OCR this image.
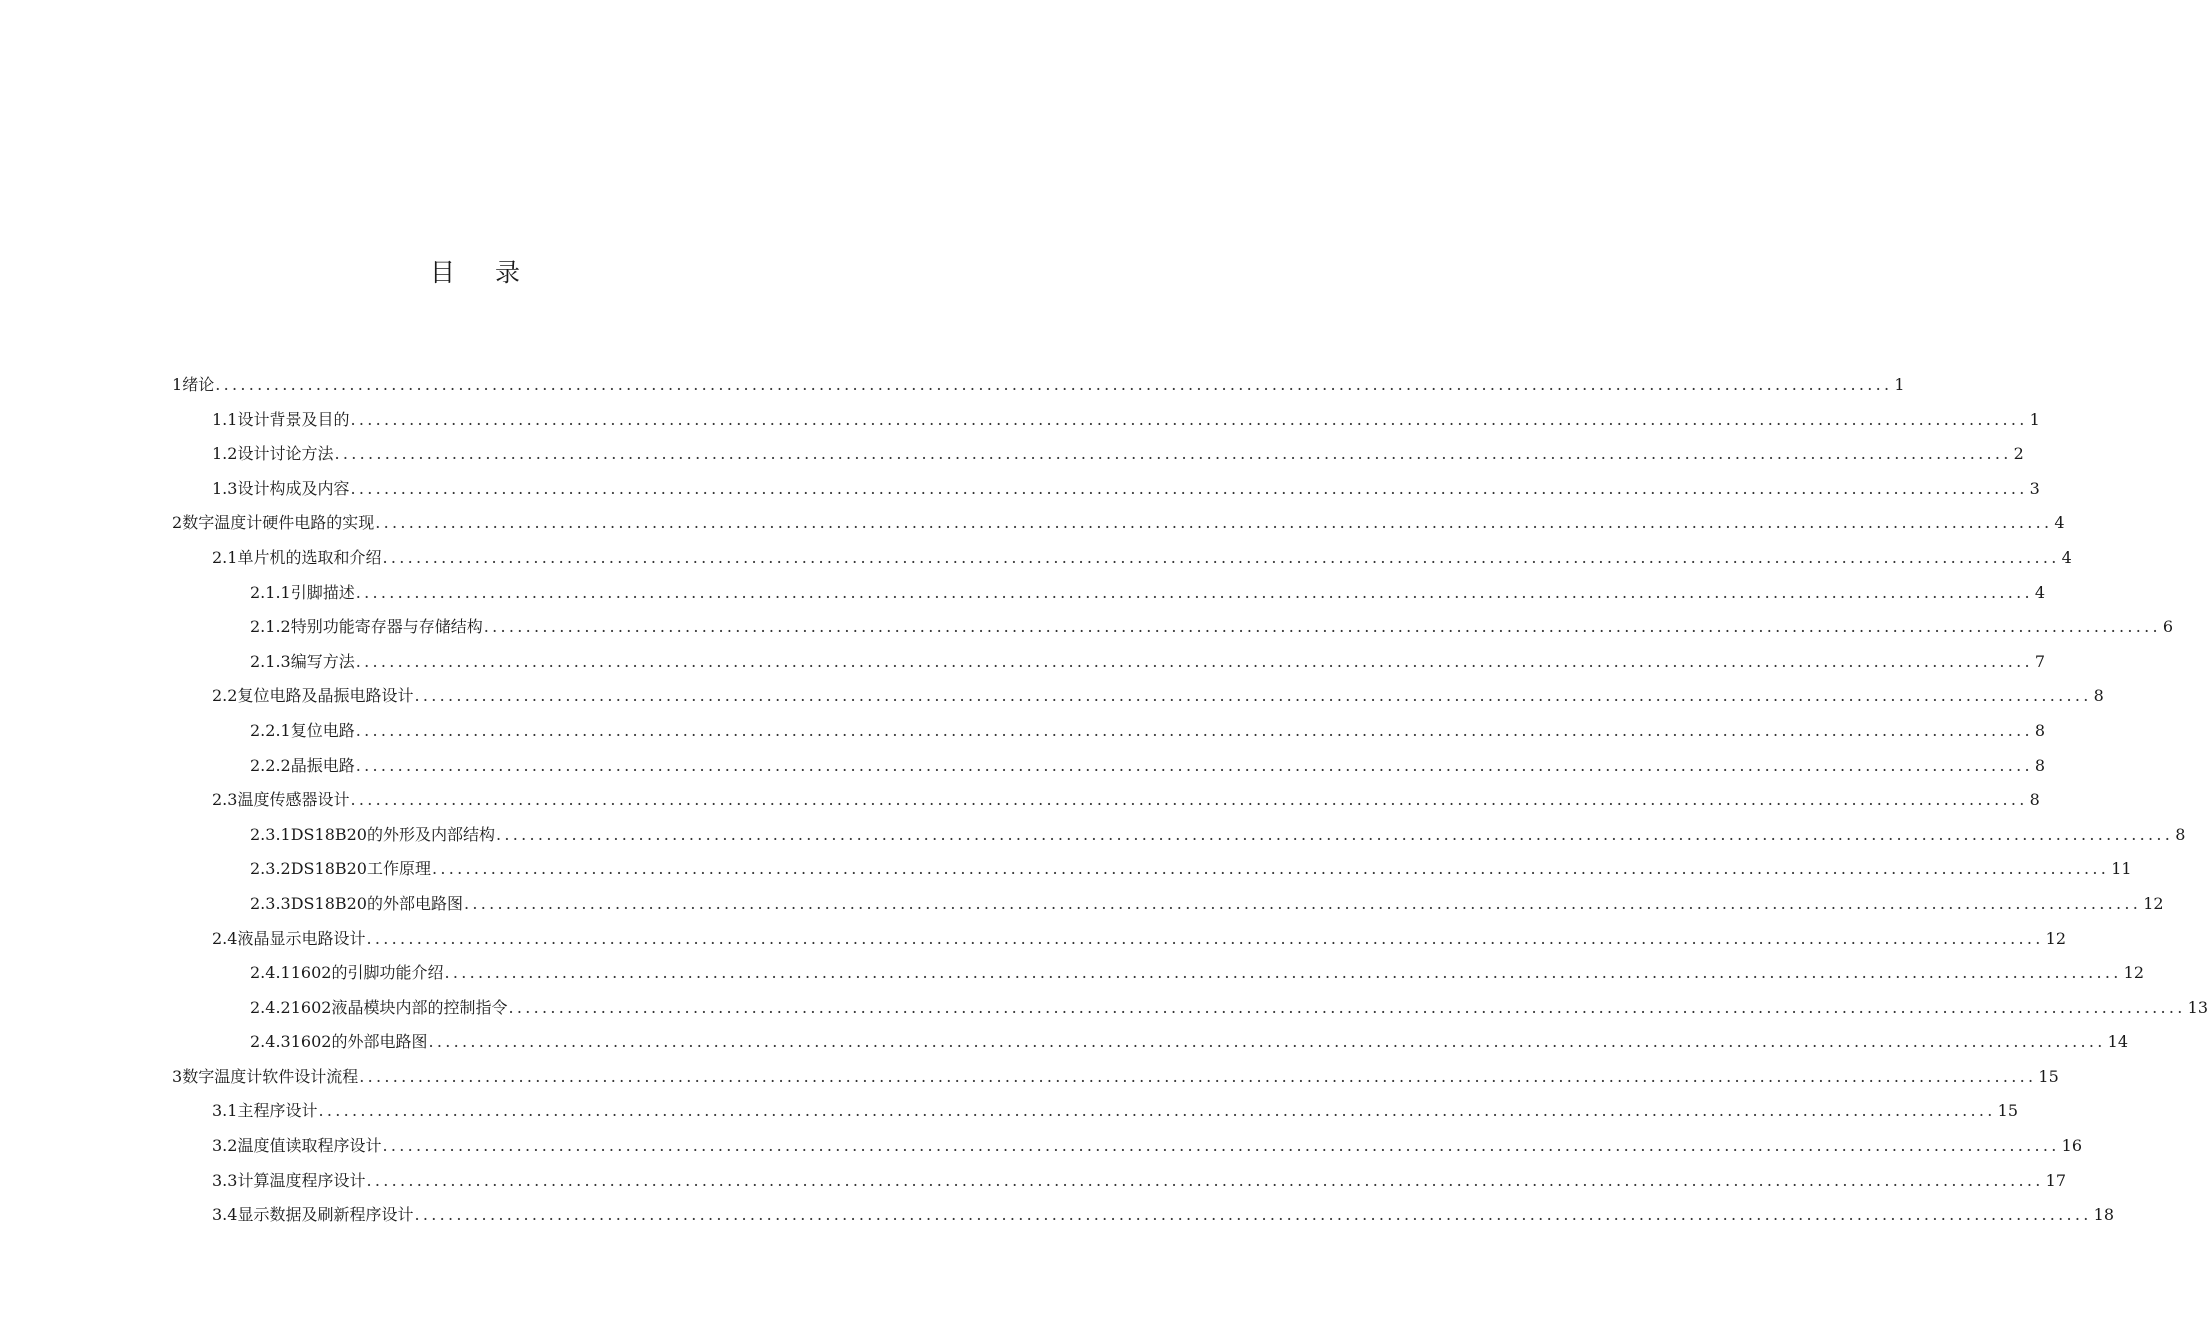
目 录
1 绪论 ........................................................................................................................................................................................................ 1
1.1 设计背景及目的 ........................................................................................................................................................................................................ 1
1.2 设计讨论方法 ........................................................................................................................................................................................................ 2
1.3 设计构成及内容 ........................................................................................................................................................................................................ 3
2 数字温度计硬件电路的实现 ........................................................................................................................................................................................................ 4
2.1 单片机的选取和介绍 ........................................................................................................................................................................................................ 4
2.1.1 引脚描述 ........................................................................................................................................................................................................ 4
2.1.2 特别功能寄存器与存储结构 ........................................................................................................................................................................................................ 6
2.1.3 编写方法 ........................................................................................................................................................................................................ 7
2.2 复位电路及晶振电路设计 ........................................................................................................................................................................................................ 8
2.2.1 复位电路 ........................................................................................................................................................................................................ 8
2.2.2 晶振电路 ........................................................................................................................................................................................................ 8
2.3 温度传感器设计 ........................................................................................................................................................................................................ 8
2.3.1 DS18B20的外形及内部结构 ........................................................................................................................................................................................................ 8
2.3.2 DS18B20工作原理 ........................................................................................................................................................................................................ 11
2.3.3 DS18B20的外部电路图 ........................................................................................................................................................................................................ 12
2.4 液晶显示电路设计 ........................................................................................................................................................................................................ 12
2.4.1 1602的引脚功能介绍 ........................................................................................................................................................................................................ 12
2.4.2 1602液晶模块内部的控制指令 ........................................................................................................................................................................................................ 13
2.4.3 1602的外部电路图 ........................................................................................................................................................................................................ 14
3 数字温度计软件设计流程 ........................................................................................................................................................................................................ 15
3.1 主程序设计 ........................................................................................................................................................................................................ 15
3.2 温度值读取程序设计 ........................................................................................................................................................................................................ 16
3.3 计算温度程序设计 ........................................................................................................................................................................................................ 17
3.4 显示数据及刷新程序设计 ........................................................................................................................................................................................................ 18
